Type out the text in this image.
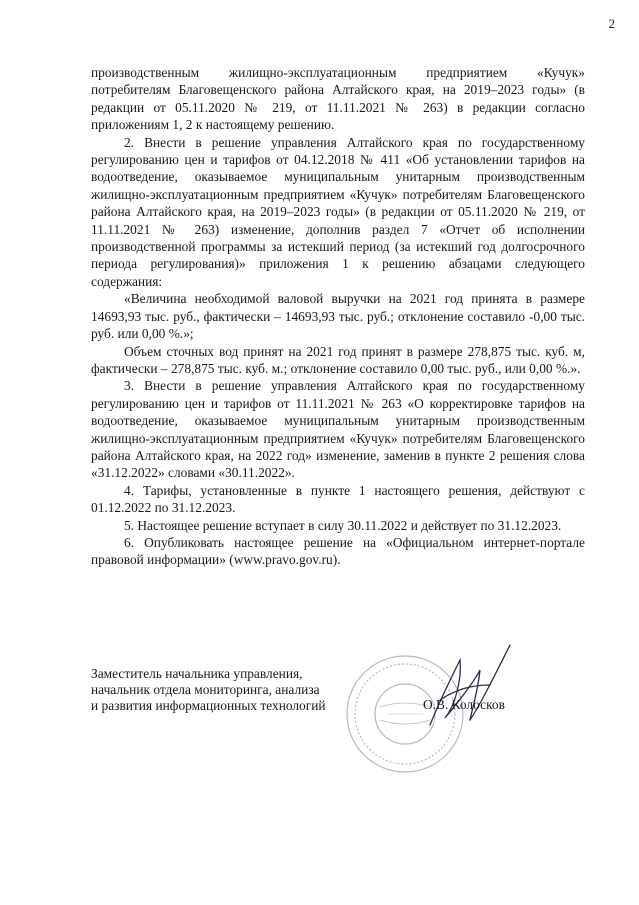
2

производственным жилищно-эксплуатационным предприятием «Кучук» потребителям Благовещенского района Алтайского края, на 2019–2023 годы» (в редакции от 05.11.2020 № 219, от 11.11.2021 № 263) в редакции согласно приложениям 1, 2 к настоящему решению.

2. Внести в решение управления Алтайского края по государственному регулированию цен и тарифов от 04.12.2018 № 411 «Об установлении тарифов на водоотведение, оказываемое муниципальным унитарным производственным жилищно-эксплуатационным предприятием «Кучук» потребителям Благовещенского района Алтайского края, на 2019–2023 годы» (в редакции от 05.11.2020 № 219, от 11.11.2021 № 263) изменение, дополнив раздел 7 «Отчет об исполнении производственной программы за истекший период (за истекший год долгосрочного периода регулирования)» приложения 1 к решению абзацами следующего содержания:

«Величина необходимой валовой выручки на 2021 год принята в размере 14693,93 тыс. руб., фактически – 14693,93 тыс. руб.; отклонение составило -0,00 тыс. руб. или 0,00 %.»;

Объем сточных вод принят на 2021 год принят в размере 278,875 тыс. куб. м, фактически – 278,875 тыс. куб. м.; отклонение составило 0,00 тыс. руб., или 0,00 %.».

3. Внести в решение управления Алтайского края по государственному регулированию цен и тарифов от 11.11.2021 № 263 «О корректировке тарифов на водоотведение, оказываемое муниципальным унитарным производственным жилищно-эксплуатационным предприятием «Кучук» потребителям Благовещенского района Алтайского края, на 2022 год» изменение, заменив в пункте 2 решения слова «31.12.2022» словами «30.11.2022».

4. Тарифы, установленные в пункте 1 настоящего решения, действуют с 01.12.2022 по 31.12.2023.

5. Настоящее решение вступает в силу 30.11.2022 и действует по 31.12.2023.

6. Опубликовать настоящее решение на «Официальном интернет-портале правовой информации» (www.pravo.gov.ru).

Заместитель начальника управления,
начальник отдела мониторинга, анализа
и развития информационных технологий	О.В. Колосков
